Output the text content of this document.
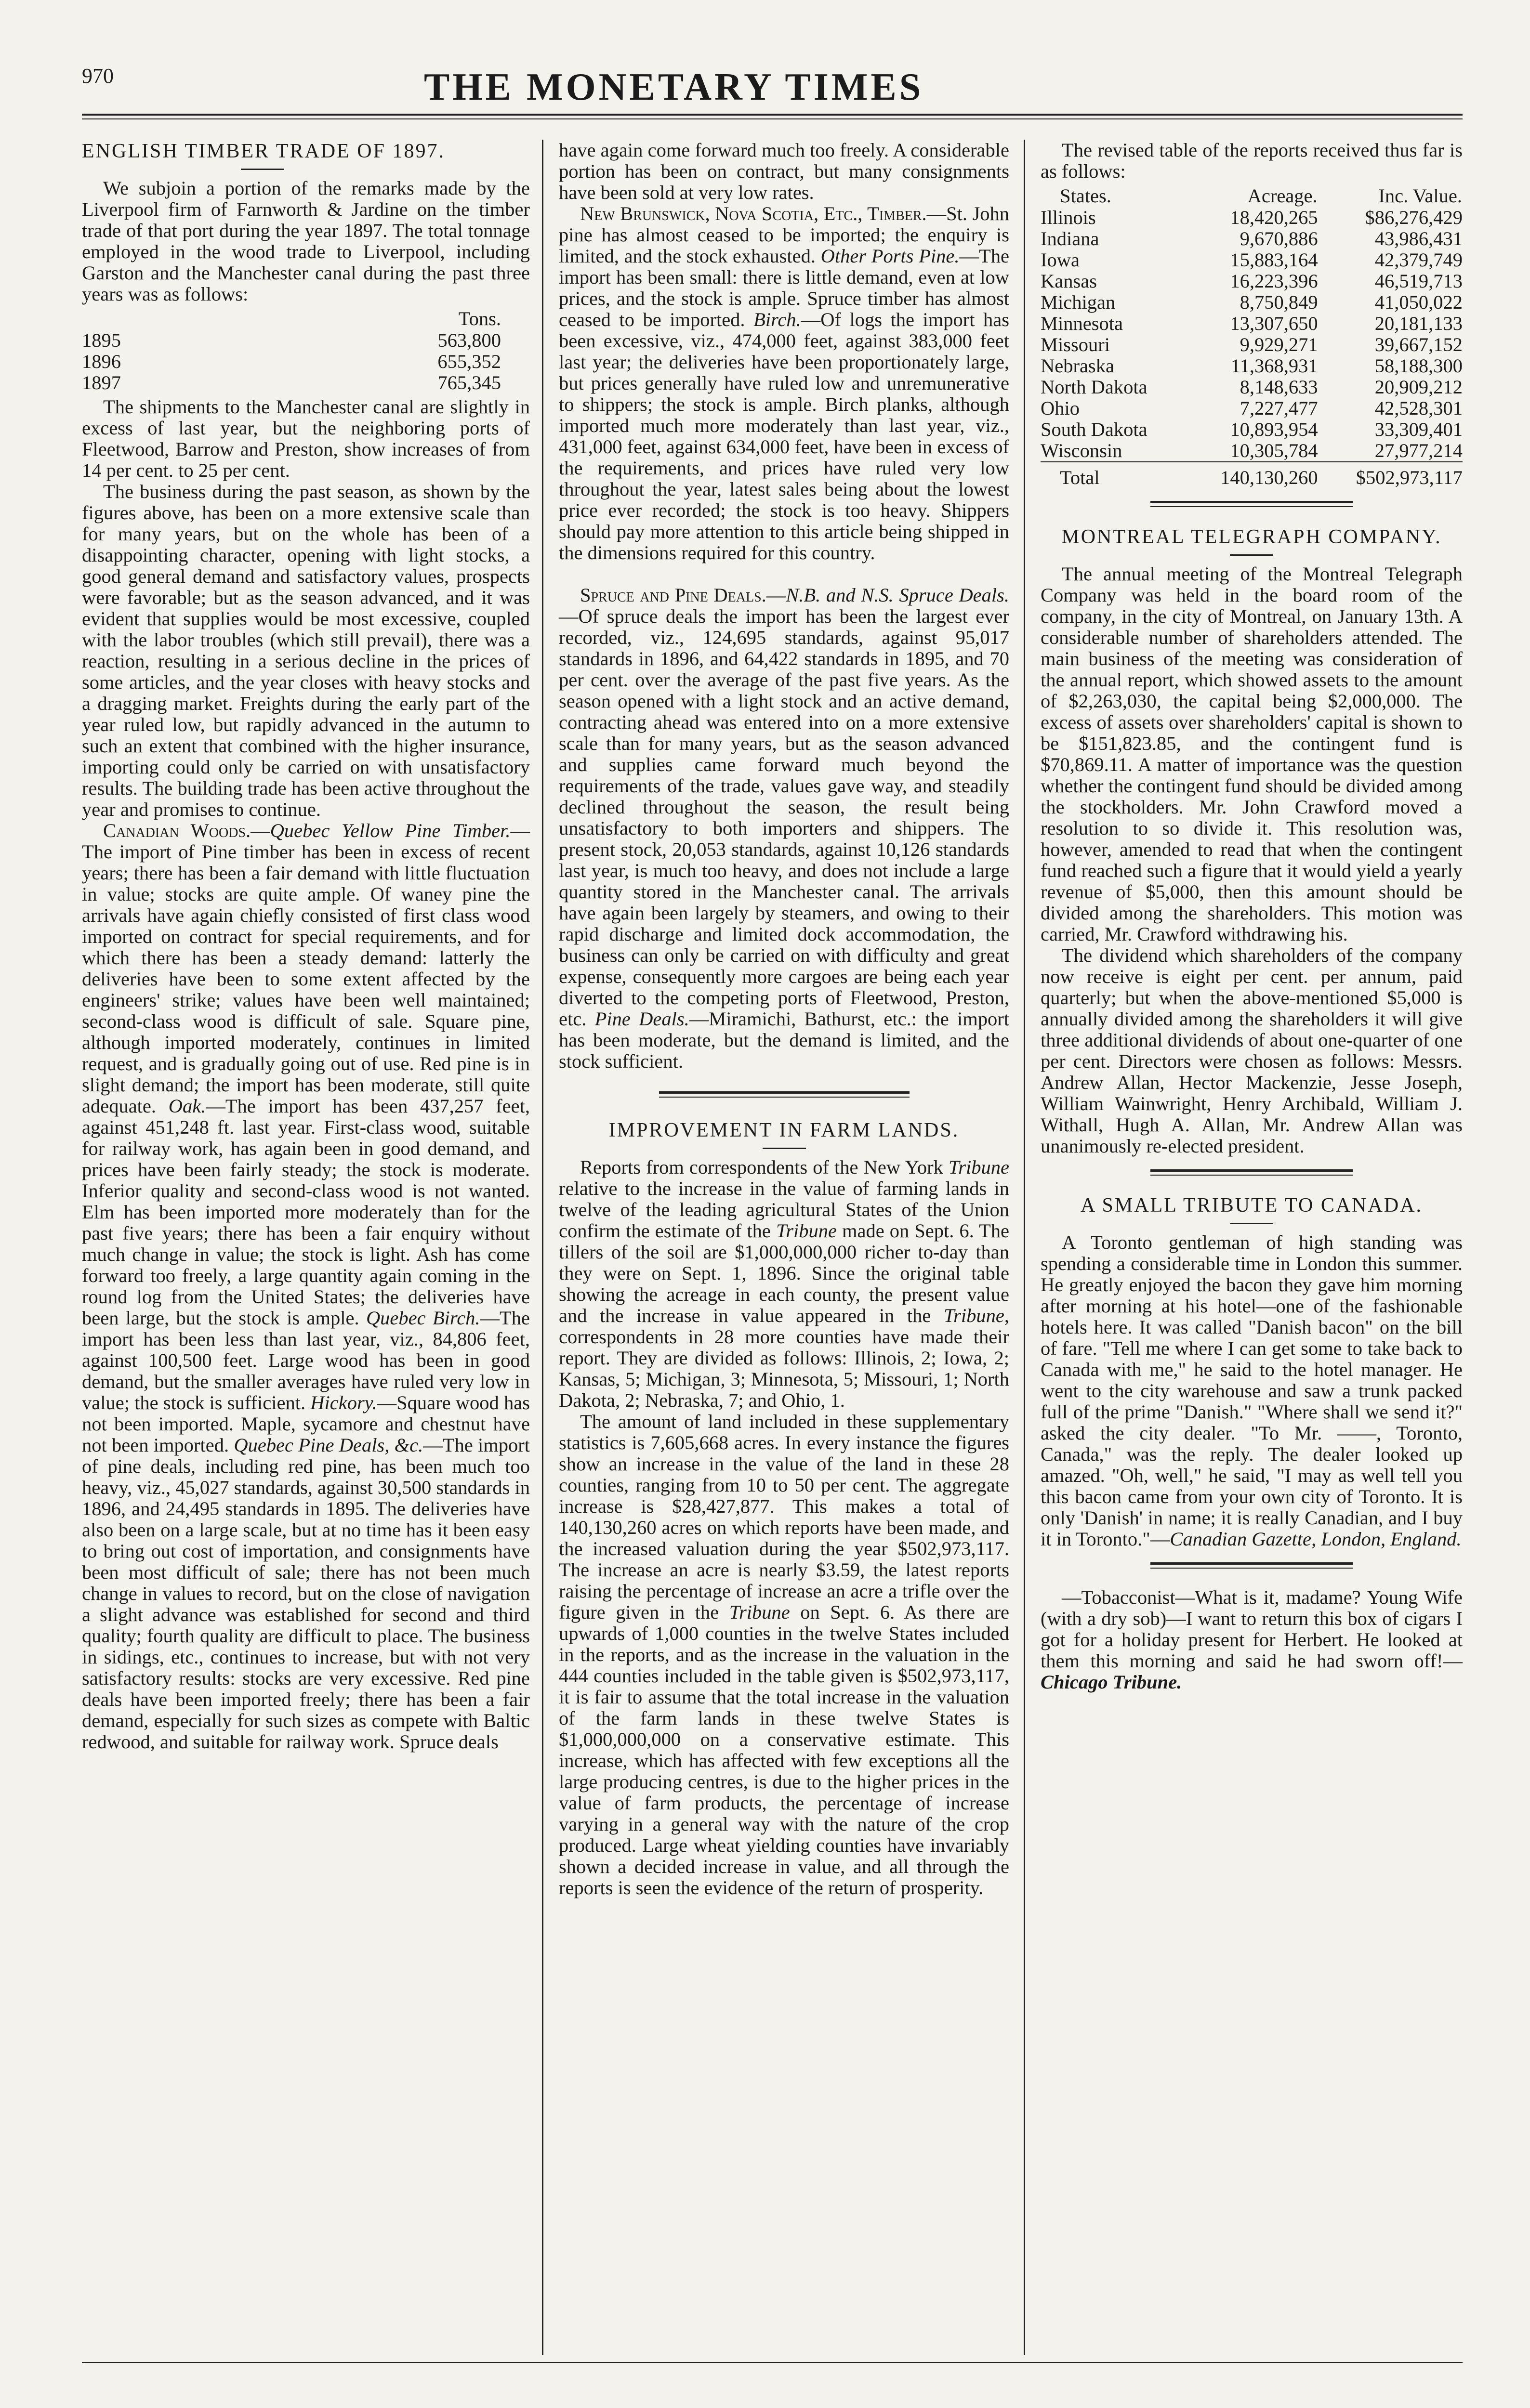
970	THE MONETARY TIMES
ENGLISH TIMBER TRADE OF 1897.

We subjoin a portion of the remarks made by the Liverpool firm of Farnworth & Jardine on the timber trade of that port during the year 1897. The total tonnage employed in the wood trade to Liverpool, including Garston and the Manchester canal during the past three years was as follows:

	Tons.
1895	563,800
1896	655,352
1897	765,345

The shipments to the Manchester canal are slightly in excess of last year, but the neighboring ports of Fleetwood, Barrow and Preston, show increases of from 14 per cent. to 25 per cent.

The business during the past season, as shown by the figures above, has been on a more extensive scale than for many years, but on the whole has been of a disappointing character, opening with light stocks, a good general demand and satisfactory values, prospects were favorable; but as the season advanced, and it was evident that supplies would be most excessive, coupled with the labor troubles (which still prevail), there was a reaction, resulting in a serious decline in the prices of some articles, and the year closes with heavy stocks and a dragging market. Freights during the early part of the year ruled low, but rapidly advanced in the autumn to such an extent that combined with the higher insurance, importing could only be carried on with unsatisfactory results. The building trade has been active throughout the year and promises to continue.

Canadian Woods.—Quebec Yellow Pine Timber.—The import of Pine timber has been in excess of recent years; there has been a fair demand with little fluctuation in value; stocks are quite ample. Of waney pine the arrivals have again chiefly consisted of first class wood imported on contract for special requirements, and for which there has been a steady demand: latterly the deliveries have been to some extent affected by the engineers' strike; values have been well maintained; second-class wood is difficult of sale. Square pine, although imported moderately, continues in limited request, and is gradually going out of use. Red pine is in slight demand; the import has been moderate, still quite adequate. Oak.—The import has been 437,257 feet, against 451,248 ft. last year. First-class wood, suitable for railway work, has again been in good demand, and prices have been fairly steady; the stock is moderate. Inferior quality and second-class wood is not wanted. Elm has been imported more moderately than for the past five years; there has been a fair enquiry without much change in value; the stock is light. Ash has come forward too freely, a large quantity again coming in the round log from the United States; the deliveries have been large, but the stock is ample. Quebec Birch.—The import has been less than last year, viz., 84,806 feet, against 100,500 feet. Large wood has been in good demand, but the smaller averages have ruled very low in value; the stock is sufficient. Hickory.—Square wood has not been imported. Maple, sycamore and chestnut have not been imported. Quebec Pine Deals, &c.—The import of pine deals, including red pine, has been much too heavy, viz., 45,027 standards, against 30,500 standards in 1896, and 24,495 standards in 1895. The deliveries have also been on a large scale, but at no time has it been easy to bring out cost of importation, and consignments have been most difficult of sale; there has not been much change in values to record, but on the close of navigation a slight advance was established for second and third quality; fourth quality are difficult to place. The business in sidings, etc., continues to increase, but with not very satisfactory results: stocks are very excessive. Red pine deals have been imported freely; there has been a fair demand, especially for such sizes as compete with Baltic redwood, and suitable for railway work. Spruce deals

have again come forward much too freely. A considerable portion has been on contract, but many consignments have been sold at very low rates.

New Brunswick, Nova Scotia, Etc., Timber.—St. John pine has almost ceased to be imported; the enquiry is limited, and the stock exhausted. Other Ports Pine.—The import has been small: there is little demand, even at low prices, and the stock is ample. Spruce timber has almost ceased to be imported. Birch.—Of logs the import has been excessive, viz., 474,000 feet, against 383,000 feet last year; the deliveries have been proportionately large, but prices generally have ruled low and unremunerative to shippers; the stock is ample. Birch planks, although imported much more moderately than last year, viz., 431,000 feet, against 634,000 feet, have been in excess of the requirements, and prices have ruled very low throughout the year, latest sales being about the lowest price ever recorded; the stock is too heavy. Shippers should pay more attention to this article being shipped in the dimensions required for this country.

Spruce and Pine Deals.—N.B. and N.S. Spruce Deals.—Of spruce deals the import has been the largest ever recorded, viz., 124,695 standards, against 95,017 standards in 1896, and 64,422 standards in 1895, and 70 per cent. over the average of the past five years. As the season opened with a light stock and an active demand, contracting ahead was entered into on a more extensive scale than for many years, but as the season advanced and supplies came forward much beyond the requirements of the trade, values gave way, and steadily declined throughout the season, the result being unsatisfactory to both importers and shippers. The present stock, 20,053 standards, against 10,126 standards last year, is much too heavy, and does not include a large quantity stored in the Manchester canal. The arrivals have again been largely by steamers, and owing to their rapid discharge and limited dock accommodation, the business can only be carried on with difficulty and great expense, consequently more cargoes are being each year diverted to the competing ports of Fleetwood, Preston, etc. Pine Deals.—Miramichi, Bathurst, etc.: the import has been moderate, but the demand is limited, and the stock sufficient.

IMPROVEMENT IN FARM LANDS.

Reports from correspondents of the New York Tribune relative to the increase in the value of farming lands in twelve of the leading agricultural States of the Union confirm the estimate of the Tribune made on Sept. 6. The tillers of the soil are $1,000,000,000 richer to-day than they were on Sept. 1, 1896. Since the original table showing the acreage in each county, the present value and the increase in value appeared in the Tribune, correspondents in 28 more counties have made their report. They are divided as follows: Illinois, 2; Iowa, 2; Kansas, 5; Michigan, 3; Minnesota, 5; Missouri, 1; North Dakota, 2; Nebraska, 7; and Ohio, 1.

The amount of land included in these supplementary statistics is 7,605,668 acres. In every instance the figures show an increase in the value of the land in these 28 counties, ranging from 10 to 50 per cent. The aggregate increase is $28,427,877. This makes a total of 140,130,260 acres on which reports have been made, and the increased valuation during the year $502,973,117. The increase an acre is nearly $3.59, the latest reports raising the percentage of increase an acre a trifle over the figure given in the Tribune on Sept. 6. As there are upwards of 1,000 counties in the twelve States included in the reports, and as the increase in the valuation in the 444 counties included in the table given is $502,973,117, it is fair to assume that the total increase in the valuation of the farm lands in these twelve States is $1,000,000,000 on a conservative estimate. This increase, which has affected with few exceptions all the large producing centres, is due to the higher prices in the value of farm products, the percentage of increase varying in a general way with the nature of the crop produced. Large wheat yielding counties have invariably shown a decided increase in value, and all through the reports is seen the evidence of the return of prosperity.

The revised table of the reports received thus far is as follows:

States.	Acreage.	Inc. Value.
Illinois	18,420,265	$86,276,429
Indiana	9,670,886	43,986,431
Iowa	15,883,164	42,379,749
Kansas	16,223,396	46,519,713
Michigan	8,750,849	41,050,022
Minnesota	13,307,650	20,181,133
Missouri	9,929,271	39,667,152
Nebraska	11,368,931	58,188,300
North Dakota	8,148,633	20,909,212
Ohio	7,227,477	42,528,301
South Dakota	10,893,954	33,309,401
Wisconsin	10,305,784	27,977,214
Total	140,130,260	$502,973,117
MONTREAL TELEGRAPH COMPANY.

The annual meeting of the Montreal Telegraph Company was held in the board room of the company, in the city of Montreal, on January 13th. A considerable number of shareholders attended. The main business of the meeting was consideration of the annual report, which showed assets to the amount of $2,263,030, the capital being $2,000,000. The excess of assets over shareholders' capital is shown to be $151,823.85, and the contingent fund is $70,869.11. A matter of importance was the question whether the contingent fund should be divided among the stockholders. Mr. John Crawford moved a resolution to so divide it. This resolution was, however, amended to read that when the contingent fund reached such a figure that it would yield a yearly revenue of $5,000, then this amount should be divided among the shareholders. This motion was carried, Mr. Crawford withdrawing his.

The dividend which shareholders of the company now receive is eight per cent. per annum, paid quarterly; but when the above-mentioned $5,000 is annually divided among the shareholders it will give three additional dividends of about one-quarter of one per cent. Directors were chosen as follows: Messrs. Andrew Allan, Hector Mackenzie, Jesse Joseph, William Wainwright, Henry Archibald, William J. Withall, Hugh A. Allan, Mr. Andrew Allan was unanimously re-elected president.

A SMALL TRIBUTE TO CANADA.

A Toronto gentleman of high standing was spending a considerable time in London this summer. He greatly enjoyed the bacon they gave him morning after morning at his hotel—one of the fashionable hotels here. It was called "Danish bacon" on the bill of fare. "Tell me where I can get some to take back to Canada with me," he said to the hotel manager. He went to the city warehouse and saw a trunk packed full of the prime "Danish." "Where shall we send it?" asked the city dealer. "To Mr. ——, Toronto, Canada," was the reply. The dealer looked up amazed. "Oh, well," he said, "I may as well tell you this bacon came from your own city of Toronto. It is only 'Danish' in name; it is really Canadian, and I buy it in Toronto."—Canadian Gazette, London, England.

—Tobacconist—What is it, madame? Young Wife (with a dry sob)—I want to return this box of cigars I got for a holiday present for Herbert. He looked at them this morning and said he had sworn off!—Chicago Tribune.
